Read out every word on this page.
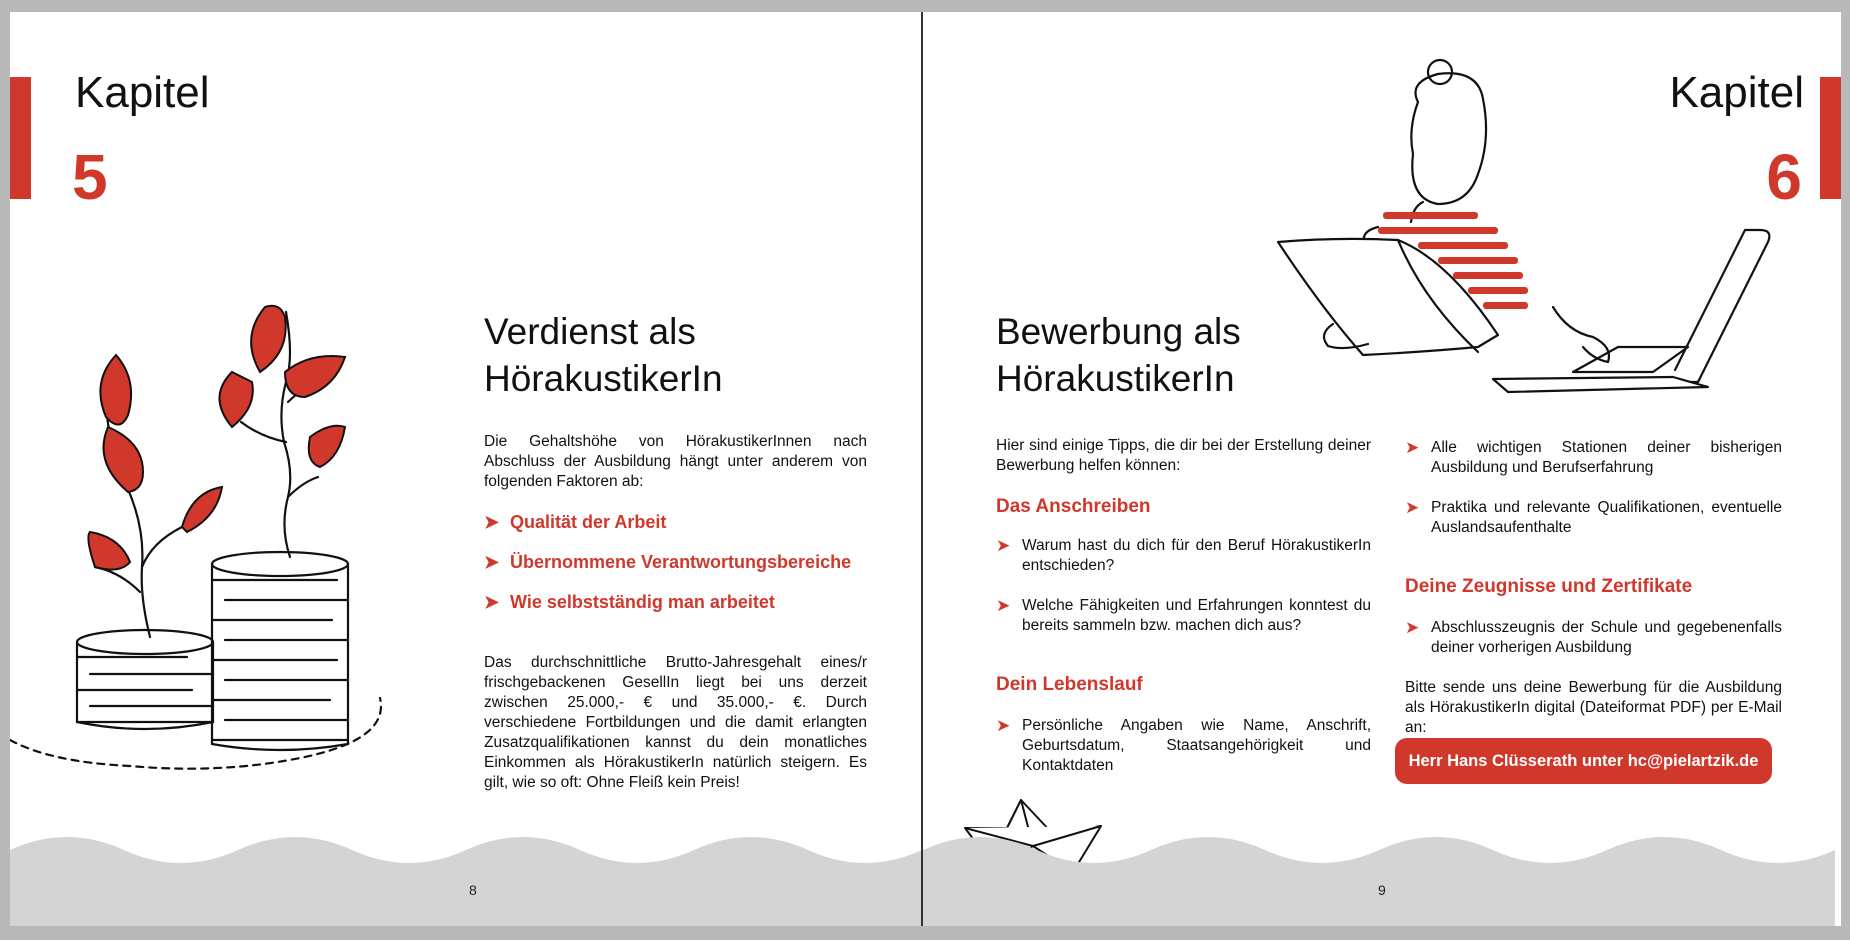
Kapitel
5
Verdienst als
HörakustikerIn

Die Gehaltshöhe von HörakustikerInnen nach Abschluss der Ausbildung hängt unter anderem von folgenden Faktoren ab:

➤ Qualität der Arbeit
➤ Übernommene Verantwortungsbereiche
➤ Wie selbstständig man arbeitet

Das durchschnittliche Brutto-Jahresgehalt eines/r frischgebackenen GesellIn liegt bei uns derzeit zwischen 25.000,- € und 35.000,- €. Durch verschiedene Fortbildungen und die damit erlangten Zusatzqualifikationen kannst du dein monatliches Einkommen als HörakustikerIn natürlich steigern. Es gilt, wie so oft: Ohne Fleiß kein Preis!

8
Kapitel
6
Bewerbung als
HörakustikerIn

Hier sind einige Tipps, die dir bei der Erstellung deiner Bewerbung helfen können:

Das Anschreiben
➤ Warum hast du dich für den Beruf HörakustikerIn entschieden?
➤ Welche Fähigkeiten und Erfahrungen konntest du bereits sammeln bzw. machen dich aus?
Dein Lebenslauf
➤ Persönliche Angaben wie Name, Anschrift, Geburtsdatum, Staatsangehörigkeit und Kontaktdaten
➤ Alle wichtigen Stationen deiner bisherigen Ausbildung und Berufserfahrung
➤ Praktika und relevante Qualifikationen, eventuelle Auslandsaufenthalte
Deine Zeugnisse und Zertifikate
➤ Abschlusszeugnis der Schule und gegebenenfalls deiner vorherigen Ausbildung

Bitte sende uns deine Bewerbung für die Ausbildung als HörakustikerIn digital (Dateiformat PDF) per E-Mail an:

9
Herr Hans Clüsserath unter hc@pielartzik.de
